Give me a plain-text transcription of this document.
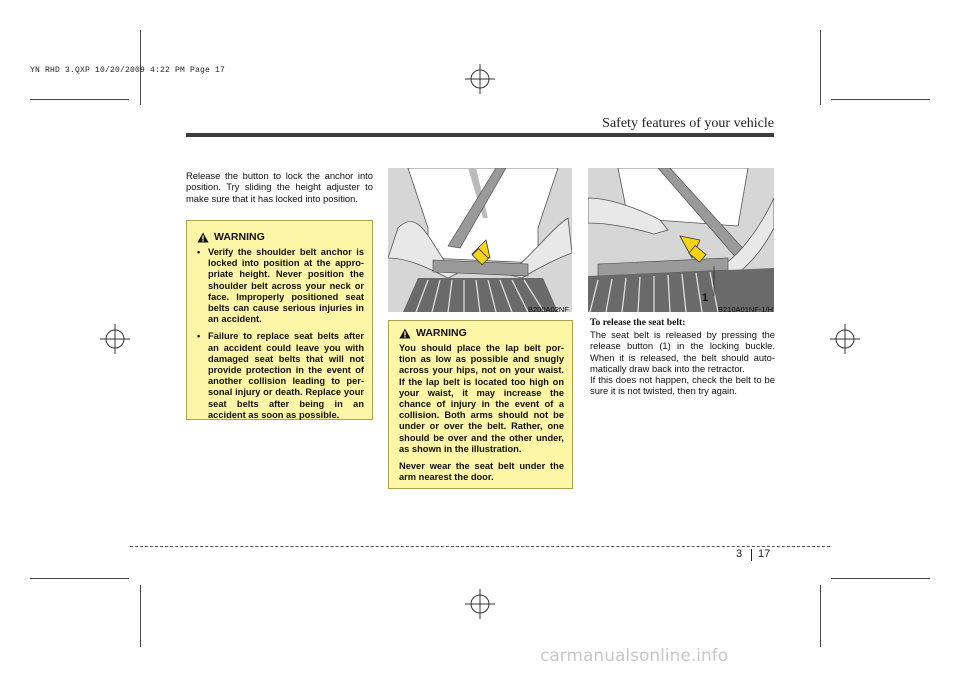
YN RHD 3.QXP 10/20/2009 4:22 PM Page 17
Safety features of your vehicle
Release the button to lock the anchor into position. Try sliding the height adjuster to make sure that it has locked into position.
WARNING
• Verify the shoulder belt anchor is locked into position at the appro-priate height. Never position the shoulder belt across your neck or face. Improperly positioned seat belts can cause serious injuries in an accident.
• Failure to replace seat belts after an accident could leave you with damaged seat belts that will not provide protection in the event of another collision leading to per-sonal injury or death. Replace your seat belts after being in an accident as soon as possible.
B200A02NF
WARNING

You should place the lap belt por-tion as low as possible and snugly across your hips, not on your waist. If the lap belt is located too high on your waist, it may increase the chance of injury in the event of a collision. Both arms should not be under or over the belt. Rather, one should be over and the other under, as shown in the illustration.

Never wear the seat belt under the arm nearest the door.

1
B210A01NF-1/H
To release the seat belt:
The seat belt is released by pressing the release button (1) in the locking buckle. When it is released, the belt should auto-matically draw back into the retractor.
If this does not happen, check the belt to be sure it is not twisted, then try again.
3 17
carmanualsonline.info
